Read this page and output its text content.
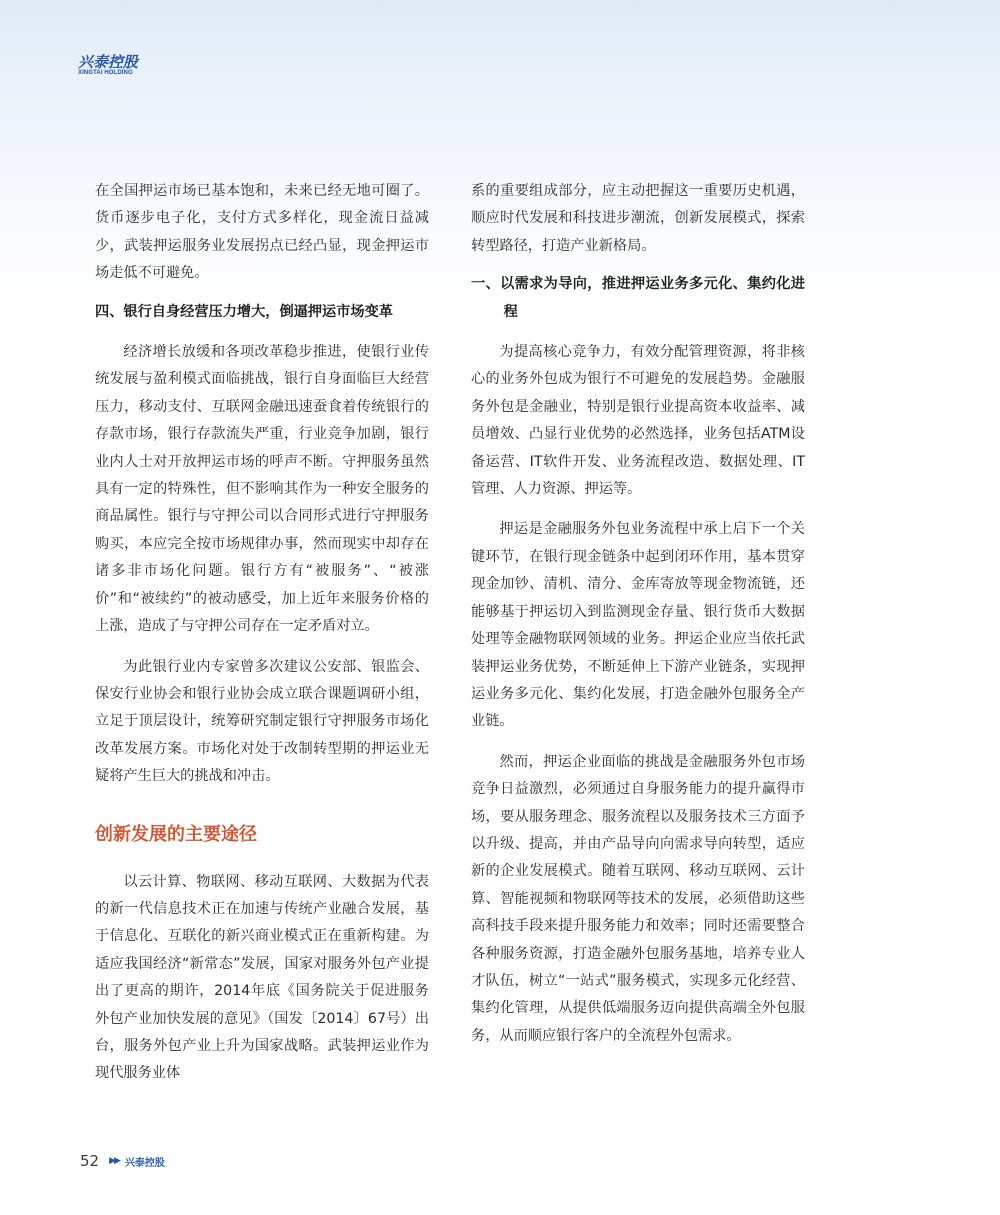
兴泰控股
XINGTAI HOLDING

在全国押运市场已基本饱和，未来已经无地可圈了。货币逐步电子化，支付方式多样化，现金流日益减少，武装押运服务业发展拐点已经凸显，现金押运市场走低不可避免。

四、银行自身经营压力增大，倒逼押运市场变革

经济增长放缓和各项改革稳步推进，使银行业传统发展与盈利模式面临挑战，银行自身面临巨大经营压力，移动支付、互联网金融迅速蚕食着传统银行的存款市场，银行存款流失严重，行业竞争加剧，银行业内人士对开放押运市场的呼声不断。守押服务虽然具有一定的特殊性，但不影响其作为一种安全服务的商品属性。银行与守押公司以合同形式进行守押服务购买，本应完全按市场规律办事，然而现实中却存在诸多非市场化问题。银行方有“被服务”、“被涨价”和“被续约”的被动感受，加上近年来服务价格的上涨，造成了与守押公司存在一定矛盾对立。

为此银行业内专家曾多次建议公安部、银监会、保安行业协会和银行业协会成立联合课题调研小组，立足于顶层设计，统筹研究制定银行守押服务市场化改革发展方案。市场化对处于改制转型期的押运业无疑将产生巨大的挑战和冲击。

创新发展的主要途径

以云计算、物联网、移动互联网、大数据为代表的新一代信息技术正在加速与传统产业融合发展，基于信息化、互联化的新兴商业模式正在重新构建。为适应我国经济“新常态”发展，国家对服务外包产业提出了更高的期许，2014年底《国务院关于促进服务外包产业加快发展的意见》（国发〔2014〕67号）出台，服务外包产业上升为国家战略。武装押运业作为现代服务业体

系的重要组成部分，应主动把握这一重要历史机遇，顺应时代发展和科技进步潮流，创新发展模式，探索转型路径，打造产业新格局。

一、以需求为导向，推进押运业务多元化、集约化进程

为提高核心竞争力，有效分配管理资源，将非核心的业务外包成为银行不可避免的发展趋势。金融服务外包是金融业，特别是银行业提高资本收益率、减员增效、凸显行业优势的必然选择，业务包括ATM设备运营、IT软件开发、业务流程改造、数据处理、IT管理、人力资源、押运等。

押运是金融服务外包业务流程中承上启下一个关键环节，在银行现金链条中起到闭环作用，基本贯穿现金加钞、清机、清分、金库寄放等现金物流链，还能够基于押运切入到监测现金存量、银行货币大数据处理等金融物联网领域的业务。押运企业应当依托武装押运业务优势，不断延伸上下游产业链条，实现押运业务多元化、集约化发展，打造金融外包服务全产业链。

然而，押运企业面临的挑战是金融服务外包市场竞争日益激烈，必须通过自身服务能力的提升赢得市场，要从服务理念、服务流程以及服务技术三方面予以升级、提高，并由产品导向向需求导向转型，适应新的企业发展模式。随着互联网、移动互联网、云计算、智能视频和物联网等技术的发展，必须借助这些高科技手段来提升服务能力和效率；同时还需要整合各种服务资源，打造金融外包服务基地，培养专业人才队伍，树立“一站式”服务模式，实现多元化经营、集约化管理，从提供低端服务迈向提供高端全外包服务，从而顺应银行客户的全流程外包需求。

52 ▶▶ 兴泰控股
